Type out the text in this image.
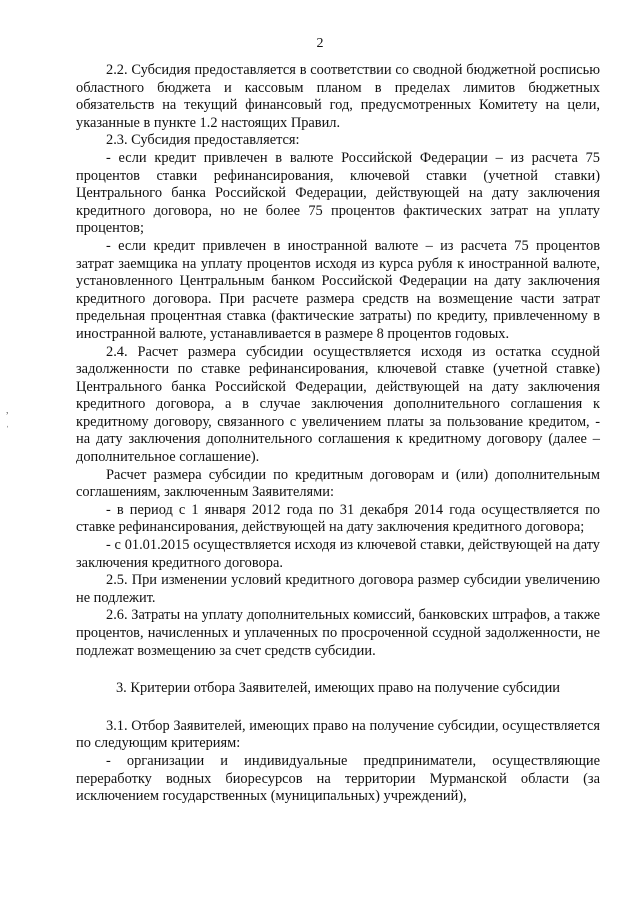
2
,
ˌ

2.2. Субсидия предоставляется в соответствии со сводной бюджетной росписью областного бюджета и кассовым планом в пределах лимитов бюджетных обязательств на текущий финансовый год, предусмотренных Комитету на цели, указанные в пункте 1.2 настоящих Правил.

2.3. Субсидия предоставляется:

- если кредит привлечен в валюте Российской Федерации – из расчета 75 процентов ставки рефинансирования, ключевой ставки (учетной ставки) Центрального банка Российской Федерации, действующей на дату заключения кредитного договора, но не более 75 процентов фактических затрат на уплату процентов;

- если кредит привлечен в иностранной валюте – из расчета 75 процентов затрат заемщика на уплату процентов исходя из курса рубля к иностранной валюте, установленного Центральным банком Российской Федерации на дату заключения кредитного договора. При расчете размера средств на возмещение части затрат предельная процентная ставка (фактические затраты) по кредиту, привлеченному в иностранной валюте, устанавливается в размере 8 процентов годовых.

2.4. Расчет размера субсидии осуществляется исходя из остатка ссудной задолженности по ставке рефинансирования, ключевой ставке (учетной ставке) Центрального банка Российской Федерации, действующей на дату заключения кредитного договора, а в случае заключения дополнительного соглашения к кредитному договору, связанного с увеличением платы за пользование кредитом, - на дату заключения дополнительного соглашения к кредитному договору (далее – дополнительное соглашение).

Расчет размера субсидии по кредитным договорам и (или) дополнительным соглашениям, заключенным Заявителями:

- в период с 1 января 2012 года по 31 декабря 2014 года осуществляется по ставке рефинансирования, действующей на дату заключения кредитного договора;

- с 01.01.2015 осуществляется исходя из ключевой ставки, действующей на дату заключения кредитного договора.

2.5. При изменении условий кредитного договора размер субсидии увеличению не подлежит.

2.6. Затраты на уплату дополнительных комиссий, банковских штрафов, а также процентов, начисленных и уплаченных по просроченной ссудной задолженности, не подлежат возмещению за счет средств субсидии.

3. Критерии отбора Заявителей, имеющих право на получение субсидии

3.1. Отбор Заявителей, имеющих право на получение субсидии, осуществляется по следующим критериям:

- организации и индивидуальные предприниматели, осуществляющие переработку водных биоресурсов на территории Мурманской области (за исключением государственных (муниципальных) учреждений),
